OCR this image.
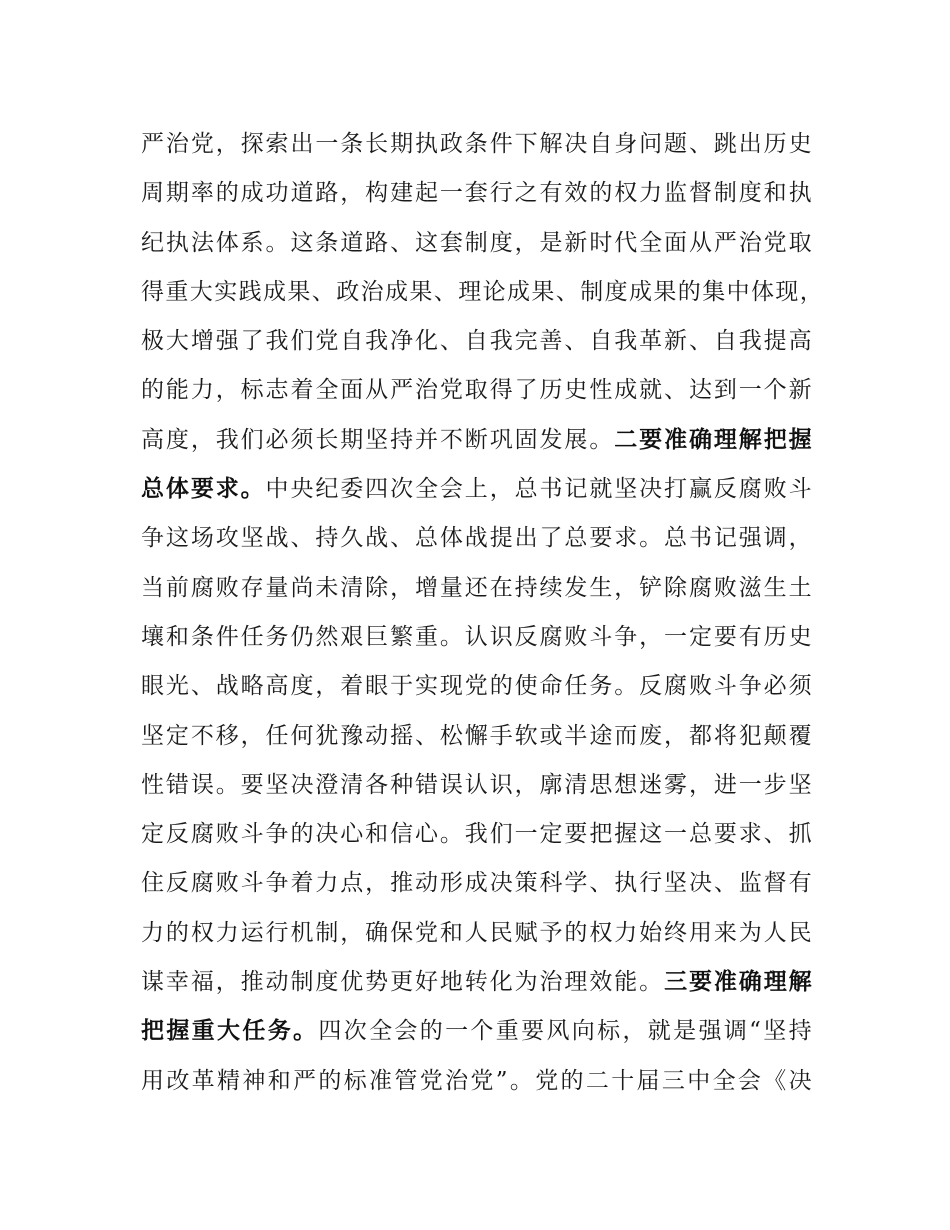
严治党，探索出一条长期执政条件下解决自身问题、跳出历史
周期率的成功道路，构建起一套行之有效的权力监督制度和执
纪执法体系。这条道路、这套制度，是新时代全面从严治党取
得重大实践成果、政治成果、理论成果、制度成果的集中体现，
极大增强了我们党自我净化、自我完善、自我革新、自我提高
的能力，标志着全面从严治党取得了历史性成就、达到一个新
高度，我们必须长期坚持并不断巩固发展。二要准确理解把握
总体要求。中央纪委四次全会上，总书记就坚决打赢反腐败斗
争这场攻坚战、持久战、总体战提出了总要求。总书记强调，
当前腐败存量尚未清除，增量还在持续发生，铲除腐败滋生土
壤和条件任务仍然艰巨繁重。认识反腐败斗争，一定要有历史
眼光、战略高度，着眼于实现党的使命任务。反腐败斗争必须
坚定不移，任何犹豫动摇、松懈手软或半途而废，都将犯颠覆
性错误。要坚决澄清各种错误认识，廓清思想迷雾，进一步坚
定反腐败斗争的决心和信心。我们一定要把握这一总要求、抓
住反腐败斗争着力点，推动形成决策科学、执行坚决、监督有
力的权力运行机制，确保党和人民赋予的权力始终用来为人民
谋幸福，推动制度优势更好地转化为治理效能。三要准确理解
把握重大任务。四次全会的一个重要风向标，就是强调“坚持
用改革精神和严的标准管党治党”。党的二十届三中全会《决
